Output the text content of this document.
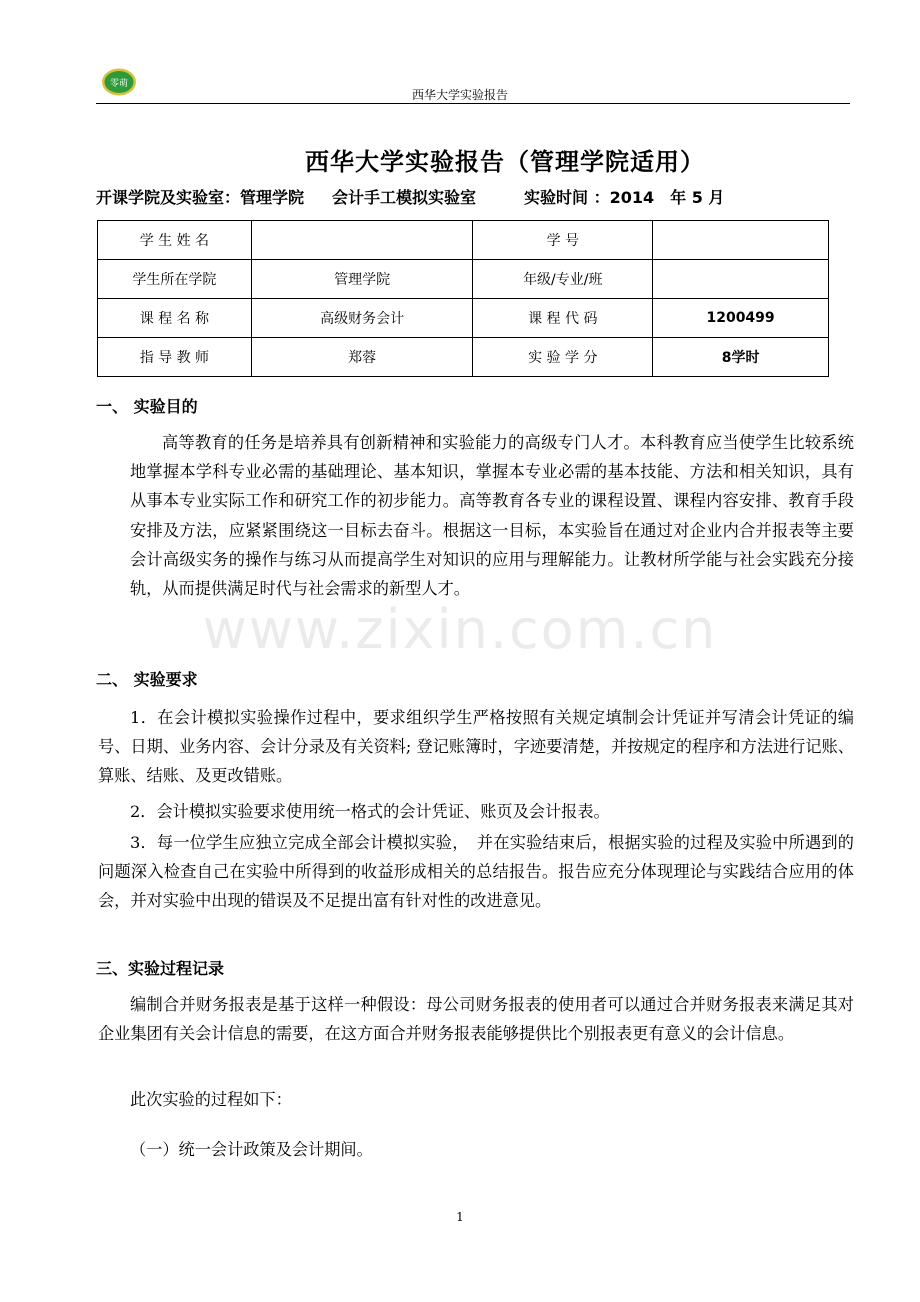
零萌
西华大学实验报告
西华大学实验报告（管理学院适用）
开课学院及实验室：管理学院 会计手工模拟实验室	实验时间 ：2014　年 5 月
学 生 姓 名		学 号	
学生所在学院	管理学院	年级/专业/班	
课 程 名 称	高级财务会计	课 程 代 码	1200499
指 导 教 师	郑蓉	实 验 学 分	8学时
一、 实验目的
高等教育的任务是培养具有创新精神和实验能力的高级专门人才。本科教育应当使学生比较系统地掌握本学科专业必需的基础理论、基本知识，掌握本专业必需的基本技能、方法和相关知识，具有从事本专业实际工作和研究工作的初步能力。高等教育各专业的课程设置、课程内容安排、教育手段安排及方法，应紧紧围绕这一目标去奋斗。根据这一目标，本实验旨在通过对企业内合并报表等主要会计高级实务的操作与练习从而提高学生对知识的应用与理解能力。让教材所学能与社会实践充分接轨，从而提供满足时代与社会需求的新型人才。
二、 实验要求
1．在会计模拟实验操作过程中，要求组织学生严格按照有关规定填制会计凭证并写清会计凭证的编号、日期、业务内容、会计分录及有关资料; 登记账簿时，字迹要清楚，并按规定的程序和方法进行记账、算账、结账、及更改错账。
2．会计模拟实验要求使用统一格式的会计凭证、账页及会计报表。
3．每一位学生应独立完成全部会计模拟实验，　并在实验结束后，根据实验的过程及实验中所遇到的问题深入检查自己在实验中所得到的收益形成相关的总结报告。报告应充分体现理论与实践结合应用的体会，并对实验中出现的错误及不足提出富有针对性的改进意见。
三、实验过程记录
编制合并财务报表是基于这样一种假设：母公司财务报表的使用者可以通过合并财务报表来满足其对企业集团有关会计信息的需要，在这方面合并财务报表能够提供比个别报表更有意义的会计信息。
此次实验的过程如下：
（一）统一会计政策及会计期间。
www.zixin.com.cn
1
